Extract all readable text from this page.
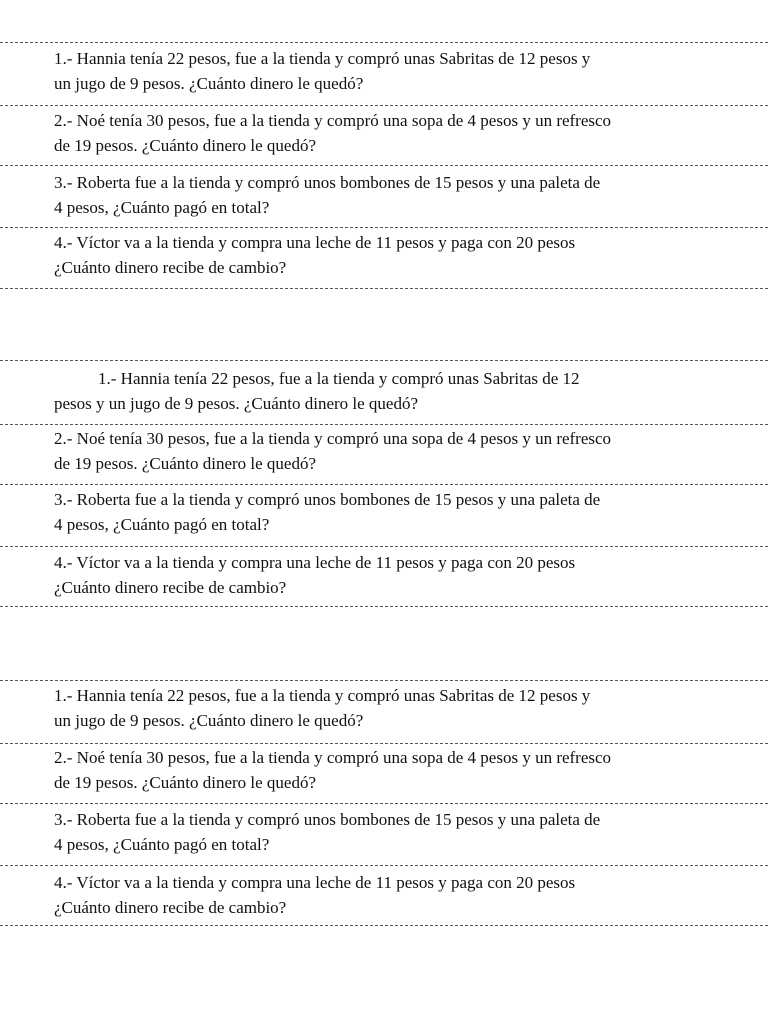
1.- Hannia tenía 22 pesos, fue a la tienda y compró unas Sabritas de 12 pesos y
un jugo de 9 pesos. ¿Cuánto dinero le quedó?
2.- Noé tenía 30 pesos, fue a la tienda y compró una sopa de 4 pesos y un refresco
de 19 pesos. ¿Cuánto dinero le quedó?
3.- Roberta fue a la tienda y compró unos bombones de 15 pesos y una paleta de
4 pesos, ¿Cuánto pagó en total?
4.- Víctor va a la tienda y compra una leche de 11 pesos y paga con 20 pesos
¿Cuánto dinero recibe de cambio?
1.- Hannia tenía 22 pesos, fue a la tienda y compró unas Sabritas de 12
pesos y un jugo de 9 pesos. ¿Cuánto dinero le quedó?
2.- Noé tenía 30 pesos, fue a la tienda y compró una sopa de 4 pesos y un refresco
de 19 pesos. ¿Cuánto dinero le quedó?
3.- Roberta fue a la tienda y compró unos bombones de 15 pesos y una paleta de
4 pesos, ¿Cuánto pagó en total?
4.- Víctor va a la tienda y compra una leche de 11 pesos y paga con 20 pesos
¿Cuánto dinero recibe de cambio?
1.- Hannia tenía 22 pesos, fue a la tienda y compró unas Sabritas de 12 pesos y
un jugo de 9 pesos. ¿Cuánto dinero le quedó?
2.- Noé tenía 30 pesos, fue a la tienda y compró una sopa de 4 pesos y un refresco
de 19 pesos. ¿Cuánto dinero le quedó?
3.- Roberta fue a la tienda y compró unos bombones de 15 pesos y una paleta de
4 pesos, ¿Cuánto pagó en total?
4.- Víctor va a la tienda y compra una leche de 11 pesos y paga con 20 pesos
¿Cuánto dinero recibe de cambio?
